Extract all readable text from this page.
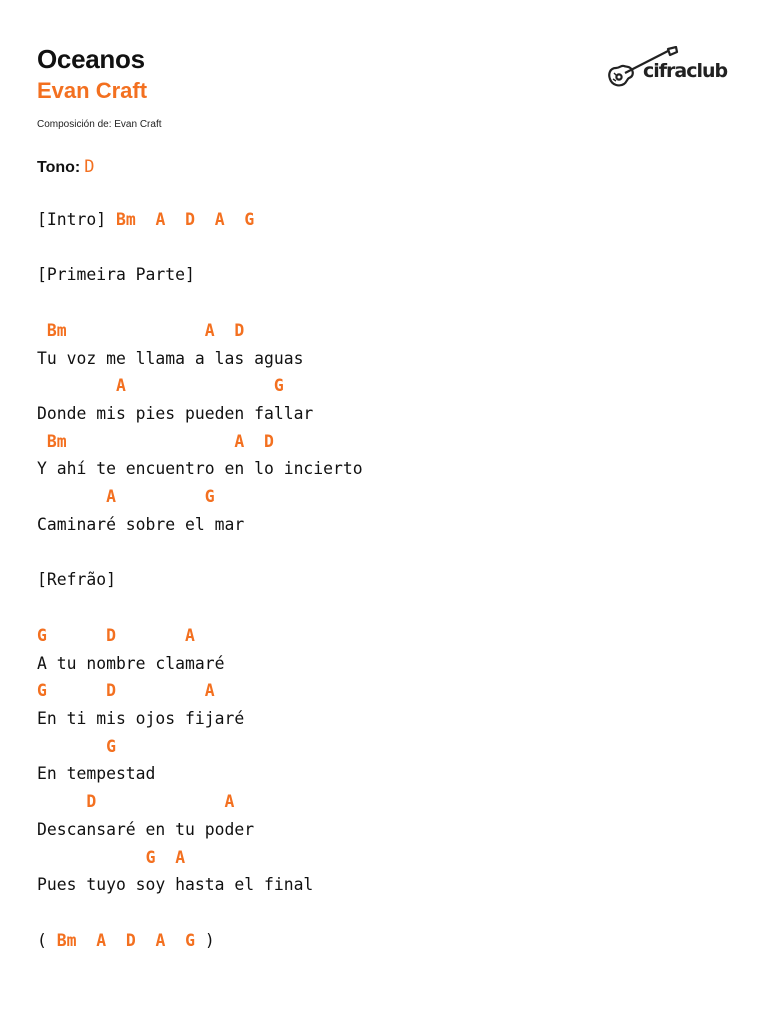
Oceanos
Evan Craft
Composición de: Evan Craft
cifraclub
Tono: D
[Intro] Bm A D A G
[Primeira Parte]
Bm	A D
Tu voz me llama a las aguas
A	G
Donde mis pies pueden fallar
Bm	A D
Y ahí te encuentro en lo incierto
A	G
Caminaré sobre el mar
[Refrão]
G	D	A
A tu nombre clamaré
G	D	A
En ti mis ojos fijaré
G
En tempestad
D	A
Descansaré en tu poder
G A
Pues tuyo soy hasta el final
( Bm A D A G )
